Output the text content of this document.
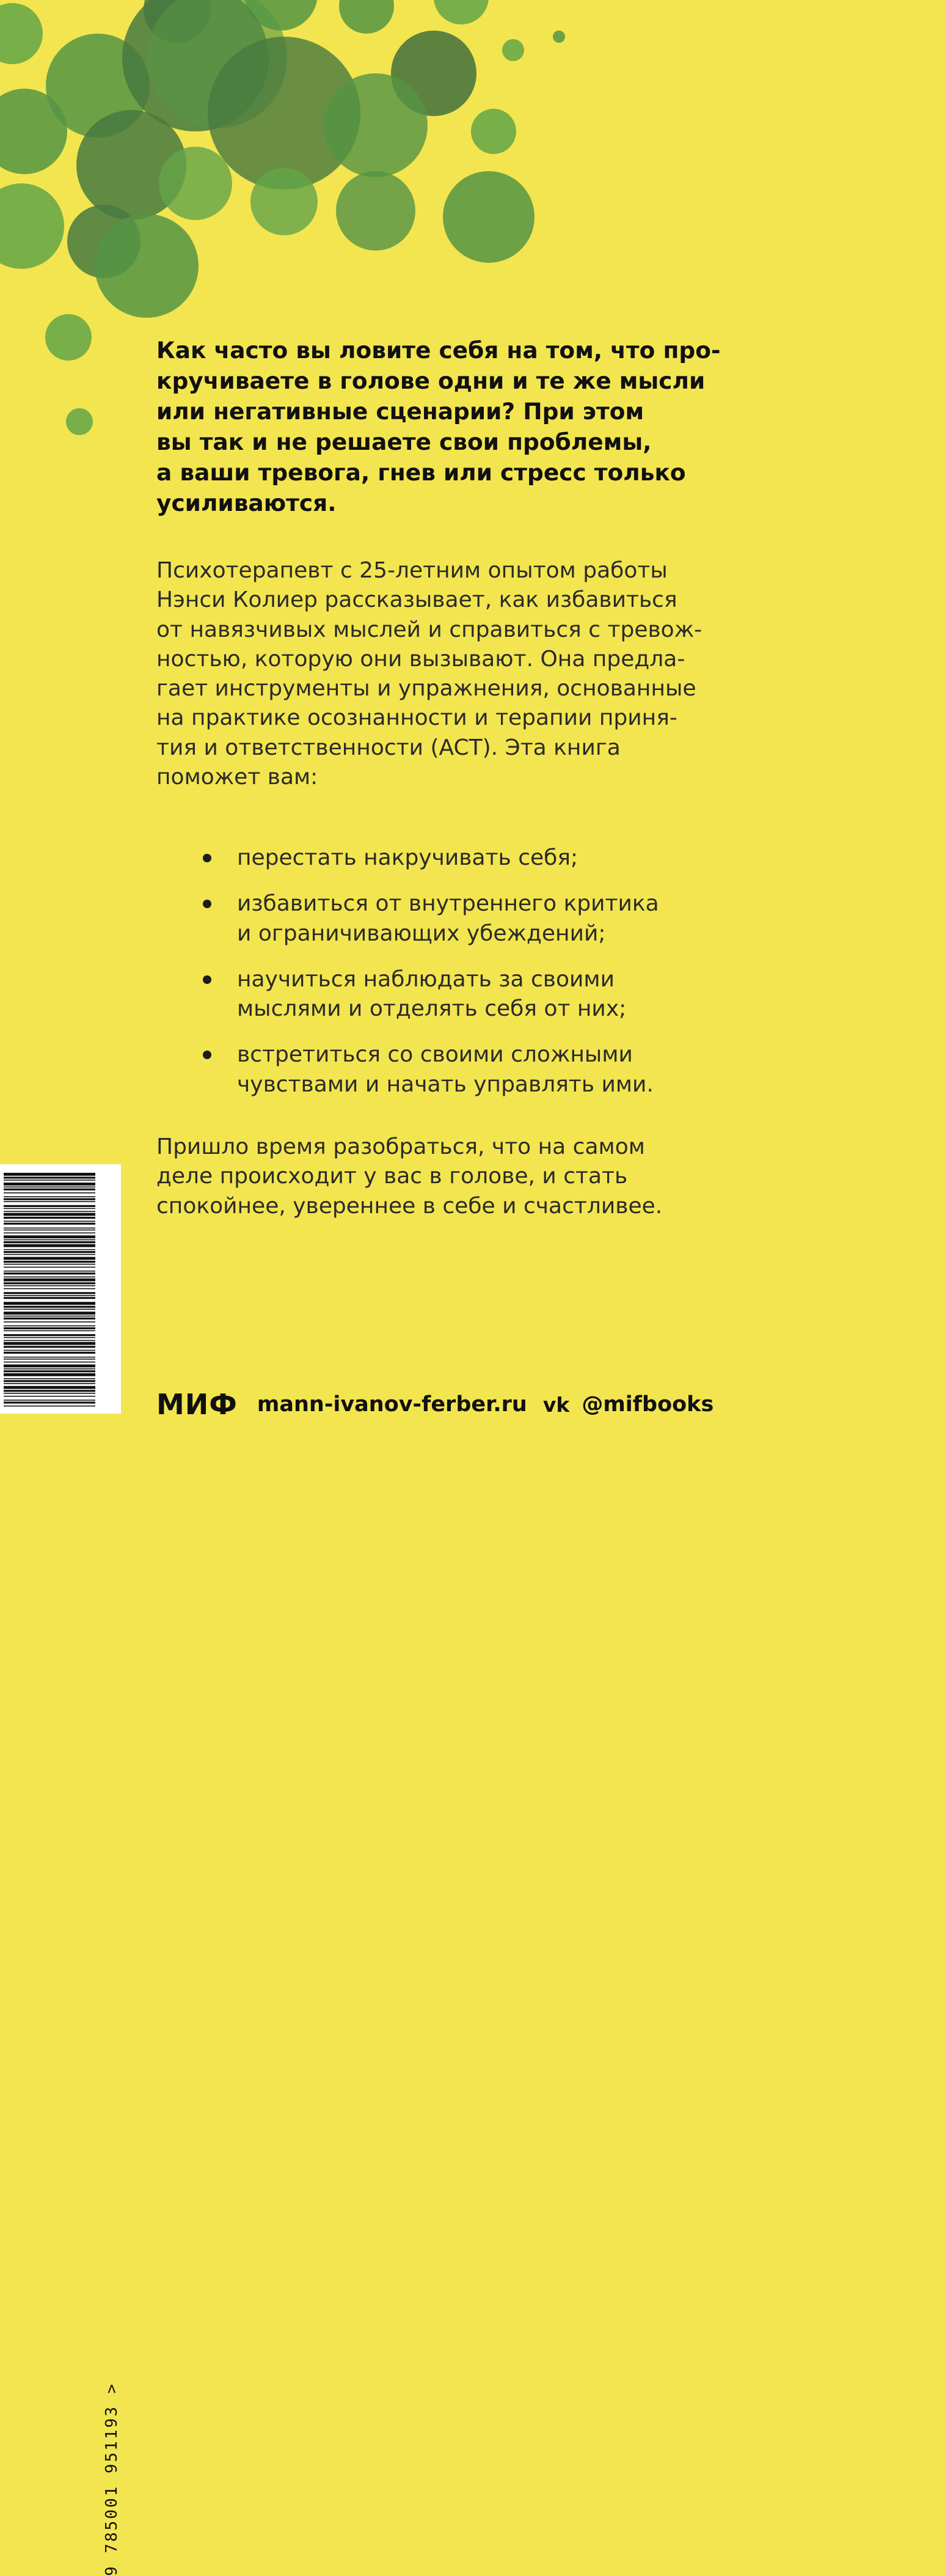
Как часто вы ловите себя на том, что про-
кручиваете в голове одни и те же мысли
или негативные сценарии? При этом
вы так и не решаете свои проблемы,
а ваши тревога, гнев или стресс только
усиливаются.
Психотерапевт с 25-летним опытом работы
Нэнси Колиер рассказывает, как избавиться
от навязчивых мыслей и справиться с тревож-
ностью, которую они вызывают. Она предла-
гает инструменты и упражнения, основанные
на практике осознанности и терапии приня-
тия и ответственности (ACT). Эта книга
поможет вам:
перестать накручивать себя;
избавиться от внутреннего критика
и ограничивающих убеждений;
научиться наблюдать за своими
мыслями и отделять себя от них;
встретиться со своими сложными
чувствами и начать управлять ими.
Пришло время разобраться, что на самом
деле происходит у вас в голове, и стать
спокойнее, увереннее в себе и счастливее.
9 785001 951193 >
МИФ mann-ivanov-ferber.ru vk @mifbooks
